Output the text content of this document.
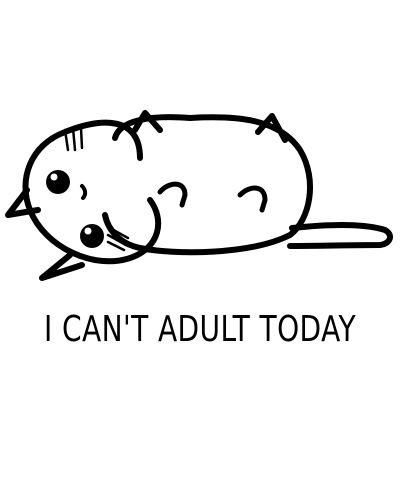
I CAN'T ADULT TODAY
